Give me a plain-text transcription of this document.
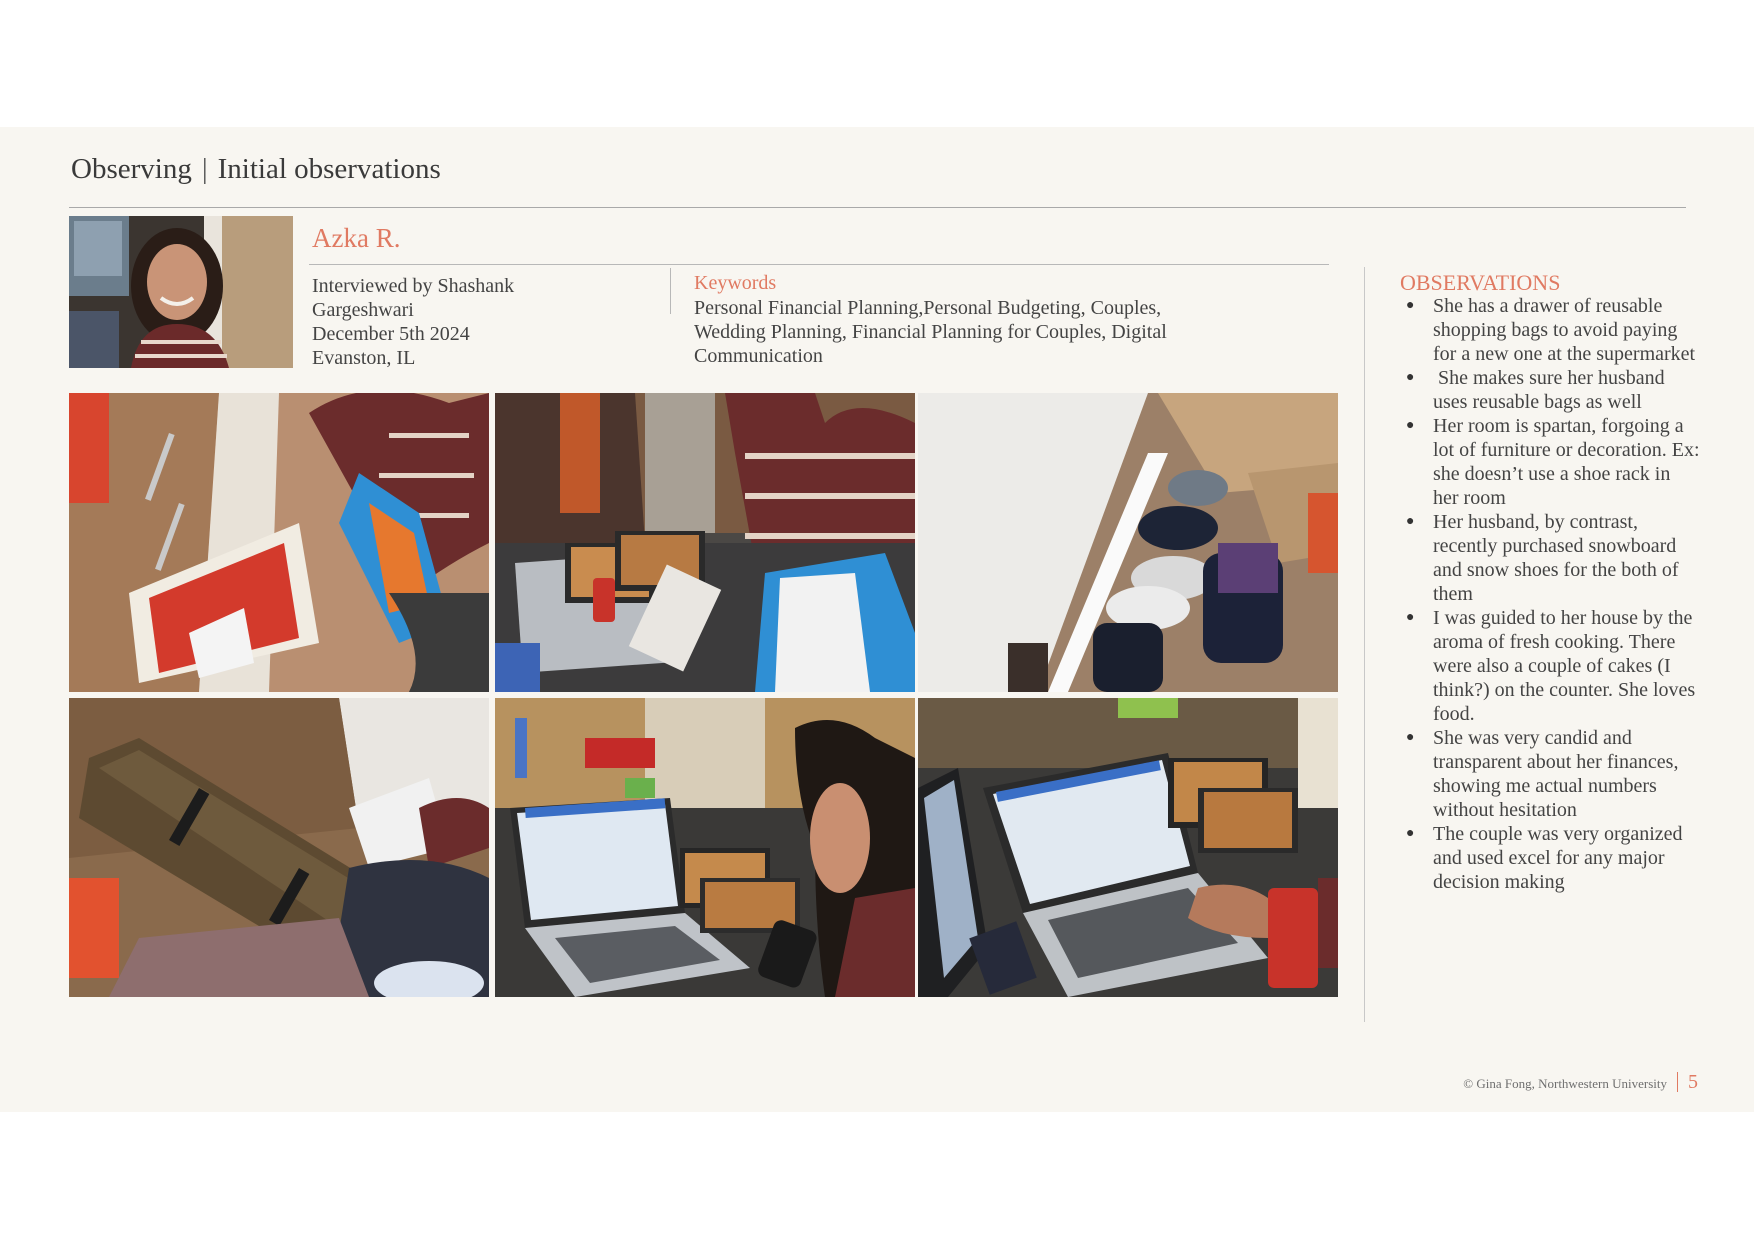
Observing | Initial observations
Azka R.
Interviewed by Shashank
Gargeshwari
December 5th 2024
Evanston, IL
Keywords
Personal Financial Planning,Personal Budgeting, Couples, Wedding Planning, Financial Planning for Couples, Digital Communication
OBSERVATIONS
● She has a drawer of reusable shopping bags to avoid paying for a new one at the supermarket
●  She makes sure her husband uses reusable bags as well
● Her room is spartan, forgoing a lot of furniture or decoration. Ex: she doesn’t use a shoe rack in her room
● Her husband, by contrast, recently purchased snowboard and snow shoes for the both of them
● I was guided to her house by the aroma of fresh cooking. There were also a couple of cakes (I think?) on the counter. She loves food.
● She was very candid and transparent about her finances, showing me actual numbers without hesitation
● The couple was very organized and used excel for any major decision making
© Gina Fong, Northwestern University 5
